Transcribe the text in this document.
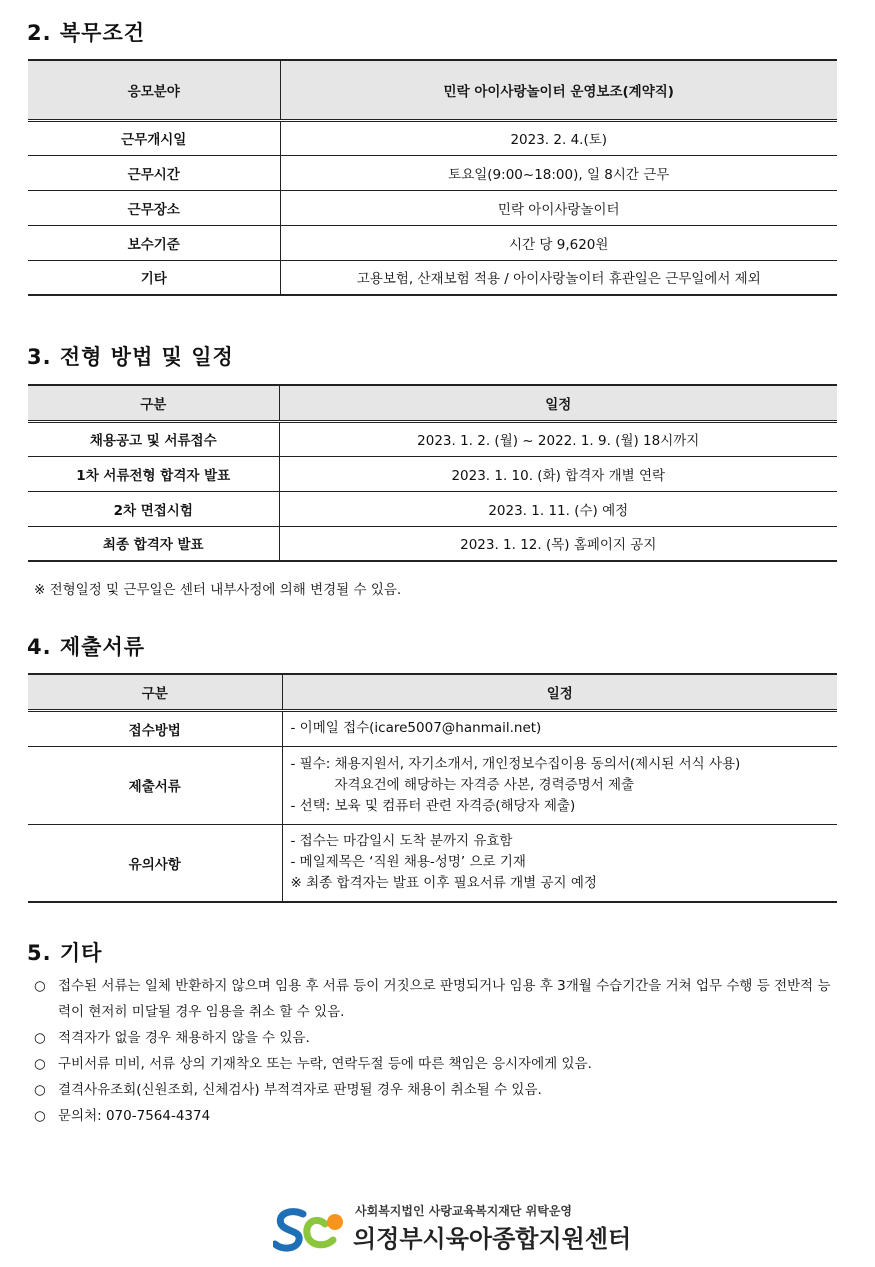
2. 복무조건
응모분야	민락 아이사랑놀이터 운영보조(계약직)
근무개시일	2023. 2. 4.(토)
근무시간	토요일(9:00~18:00), 일 8시간 근무
근무장소	민락 아이사랑놀이터
보수기준	시간 당 9,620원
기타	고용보험, 산재보험 적용 / 아이사랑놀이터 휴관일은 근무일에서 제외
3. 전형 방법 및 일정
구분	일정
채용공고 및 서류접수	2023. 1. 2. (월) ~ 2022. 1. 9. (월) 18시까지
1차 서류전형 합격자 발표	2023. 1. 10. (화) 합격자 개별 연락
2차 면접시험	2023. 1. 11. (수) 예정
최종 합격자 발표	2023. 1. 12. (목) 홈페이지 공지

※ 전형일정 및 근무일은 센터 내부사정에 의해 변경될 수 있음.

4. 제출서류
구분	일정
접수방법	- 이메일 접수(icare5007@hanmail.net)

제출서류	- 필수: 채용지원서, 자기소개서, 개인정보수집이용 동의서(제시된 서식 사용)
자격요건에 해당하는 자격증 사본, 경력증명서 제출
- 선택: 보육 및 컴퓨터 관련 자격증(해당자 제출)

유의사항	- 접수는 마감일시 도착 분까지 유효함
- 메일제목은 ‘직원 채용-성명’ 으로 기재
※ 최종 합격자는 발표 이후 필요서류 개별 공지 예정
5. 기타
○ 접수된 서류는 일체 반환하지 않으며 임용 후 서류 등이 거짓으로 판명되거나 임용 후 3개월 수습기간을 거쳐 업무 수행 등 전반적 능력이 현저히 미달될 경우 임용을 취소 할 수 있음.
○ 적격자가 없을 경우 채용하지 않을 수 있음.
○ 구비서류 미비, 서류 상의 기재착오 또는 누락, 연락두절 등에 따른 책임은 응시자에게 있음.
○ 결격사유조회(신원조회, 신체검사) 부적격자로 판명될 경우 채용이 취소될 수 있음.
○ 문의처: 070-7564-4374
사회복지법인 사랑교육복지재단 위탁운영
의정부시육아종합지원센터
